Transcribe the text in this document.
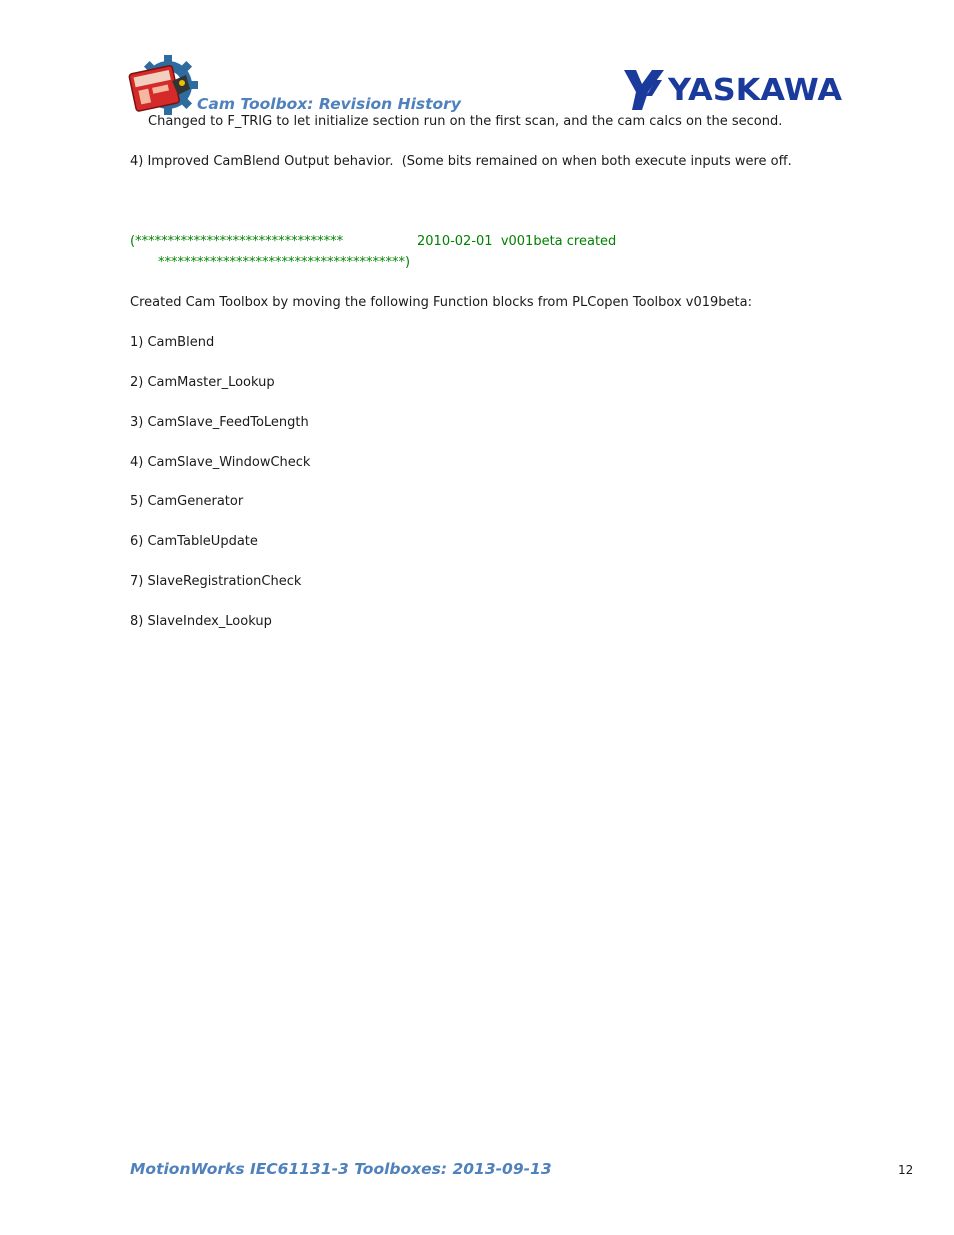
Cam Toolbox: Revision History	YASKAWA
Changed to F_TRIG to let initialize section run on the first scan, and the cam calcs on the second.
4) Improved CamBlend Output behavior.  (Some bits remained on when both execute inputs were off.
(********************************	2010-02-01  v001beta created
**************************************)
Created Cam Toolbox by moving the following Function blocks from PLCopen Toolbox v019beta:
1) CamBlend
2) CamMaster_Lookup
3) CamSlave_FeedToLength
4) CamSlave_WindowCheck
5) CamGenerator
6) CamTableUpdate
7) SlaveRegistrationCheck
8) SlaveIndex_Lookup
MotionWorks IEC61131-3 Toolboxes: 2013-09-13	12
